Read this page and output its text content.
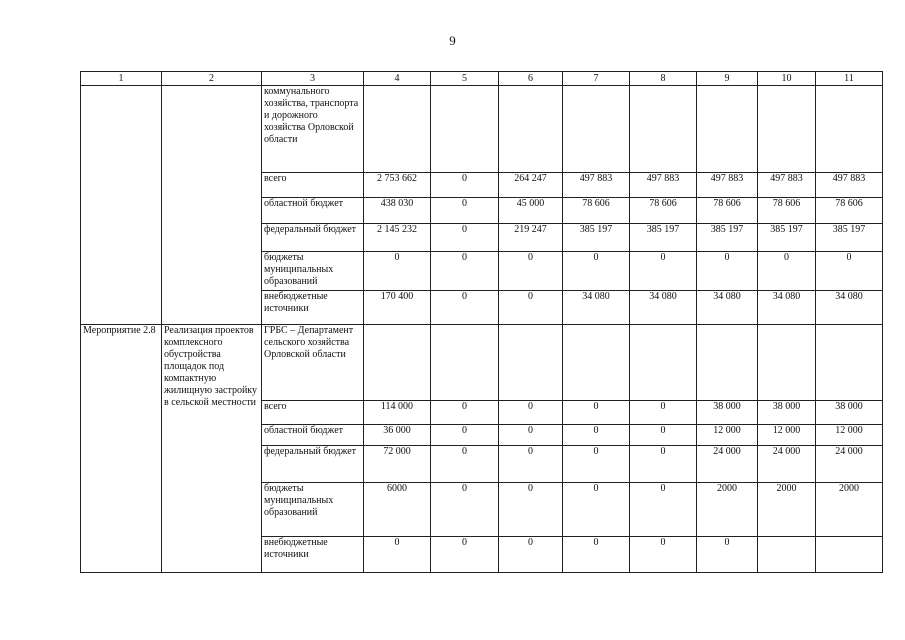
9
1	2	3	4	5	6	7	8	9	10	11
		коммунального хозяйства, транспорта и дорожного хозяйства Орловской области								
		всего	2 753 662	0	264 247	497 883	497 883	497 883	497 883	497 883
		областной бюджет	438 030	0	45 000	78 606	78 606	78 606	78 606	78 606
		федеральный бюджет	2 145 232	0	219 247	385 197	385 197	385 197	385 197	385 197
		бюджеты муниципальных образований	0	0	0	0	0	0	0	0
		внебюджетные источники	170 400	0	0	34 080	34 080	34 080	34 080	34 080
Мероприятие 2.8	Реализация проектов комплексного обустройства площадок под компактную жилищную застройку в сельской местности	ГРБС – Департамент сельского хозяйства Орловской области								
		всего	114 000	0	0	0	0	38 000	38 000	38 000
		областной бюджет	36 000	0	0	0	0	12 000	12 000	12 000
		федеральный бюджет	72 000	0	0	0	0	24 000	24 000	24 000
		бюджеты муниципальных образований	6000	0	0	0	0	2000	2000	2000
		внебюджетные источники	0	0	0	0	0	0		
